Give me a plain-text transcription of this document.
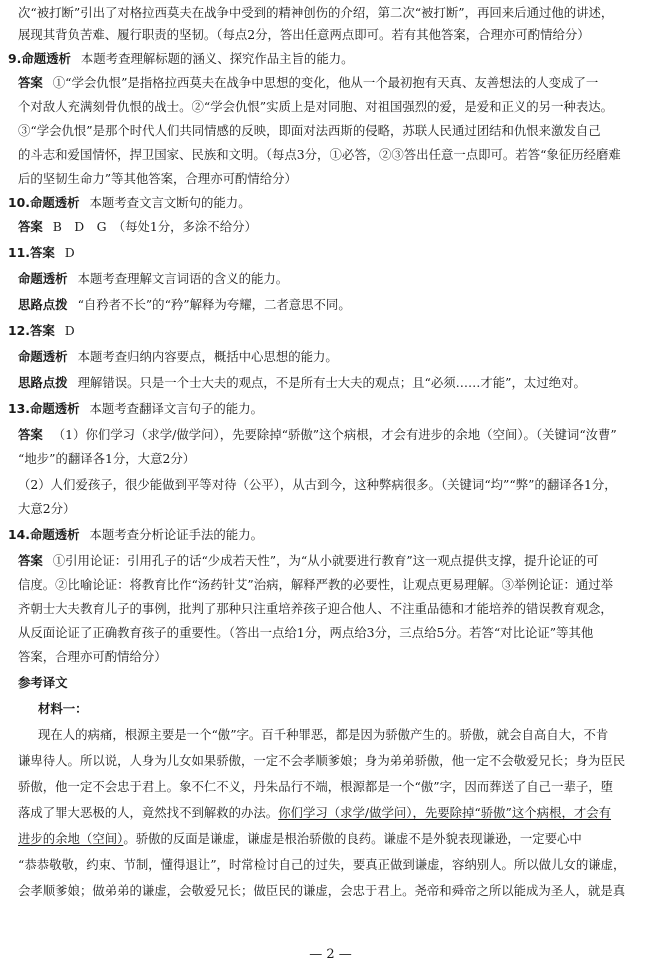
次“被打断”引出了对格拉西莫夫在战争中受到的精神创伤的介绍，第二次“被打断”，再回来后通过他的讲述，
展现其背负苦难、履行职责的坚韧。（每点2分，答出任意两点即可。若有其他答案，合理亦可酌情给分）
9.命题透析 本题考查理解标题的涵义、探究作品主旨的能力。
答案 ①“学会仇恨”是指格拉西莫夫在战争中思想的变化，他从一个最初抱有天真、友善想法的人变成了一
个对敌人充满刻骨仇恨的战士。②“学会仇恨”实质上是对同胞、对祖国强烈的爱，是爱和正义的另一种表达。
③“学会仇恨”是那个时代人们共同情感的反映，即面对法西斯的侵略，苏联人民通过团结和仇恨来激发自己
的斗志和爱国情怀，捍卫国家、民族和文明。（每点3分，①必答，②③答出任意一点即可。若答“象征历经磨难
后的坚韧生命力”等其他答案，合理亦可酌情给分）
10.命题透析 本题考查文言文断句的能力。
答案 B　D　G　（每处1分，多涂不给分）
11.答案 D
命题透析 本题考查理解文言词语的含义的能力。
思路点拨 “自矜者不长”的“矜”解释为夸耀，二者意思不同。
12.答案 D
命题透析 本题考查归纳内容要点，概括中心思想的能力。
思路点拨 理解错误。只是一个士大夫的观点，不是所有士大夫的观点；且“必须……才能”，太过绝对。
13.命题透析 本题考查翻译文言句子的能力。
答案 （1）你们学习（求学/做学问），先要除掉“骄傲”这个病根，才会有进步的余地（空间）。（关键词“汝曹”
“地步”的翻译各1分，大意2分）
（2）人们爱孩子，很少能做到平等对待（公平），从古到今，这种弊病很多。（关键词“均”“弊”的翻译各1分，
大意2分）
14.命题透析 本题考查分析论证手法的能力。
答案 ①引用论证：引用孔子的话“少成若天性”，为“从小就要进行教育”这一观点提供支撑，提升论证的可
信度。②比喻论证：将教育比作“汤药针艾”治病，解释严教的必要性，让观点更易理解。③举例论证：通过举
齐朝士大夫教育儿子的事例，批判了那种只注重培养孩子迎合他人、不注重品德和才能培养的错误教育观念，
从反面论证了正确教育孩子的重要性。（答出一点给1分，两点给3分，三点给5分。若答“对比论证”等其他
答案，合理亦可酌情给分）
参考译文
材料一：
现在人的病痛，根源主要是一个“傲”字。百千种罪恶，都是因为骄傲产生的。骄傲，就会自高自大，不肯
谦卑待人。所以说，人身为儿女如果骄傲，一定不会孝顺爹娘；身为弟弟骄傲，他一定不会敬爱兄长；身为臣民
骄傲，他一定不会忠于君上。象不仁不义，丹朱品行不端，根源都是一个“傲”字，因而葬送了自己一辈子，堕
落成了罪大恶极的人，竟然找不到解救的办法。你们学习（求学/做学问），先要除掉“骄傲”这个病根，才会有
进步的余地（空间）。骄傲的反面是谦虚，谦虚是根治骄傲的良药。谦虚不是外貌表现谦逊，一定要心中
“恭恭敬敬，约束、节制，懂得退让”，时常检讨自己的过失，要真正做到谦虚，容纳别人。所以做儿女的谦虚，
会孝顺爹娘；做弟弟的谦虚，会敬爱兄长；做臣民的谦虚，会忠于君上。尧帝和舜帝之所以能成为圣人，就是真
— 2 —
